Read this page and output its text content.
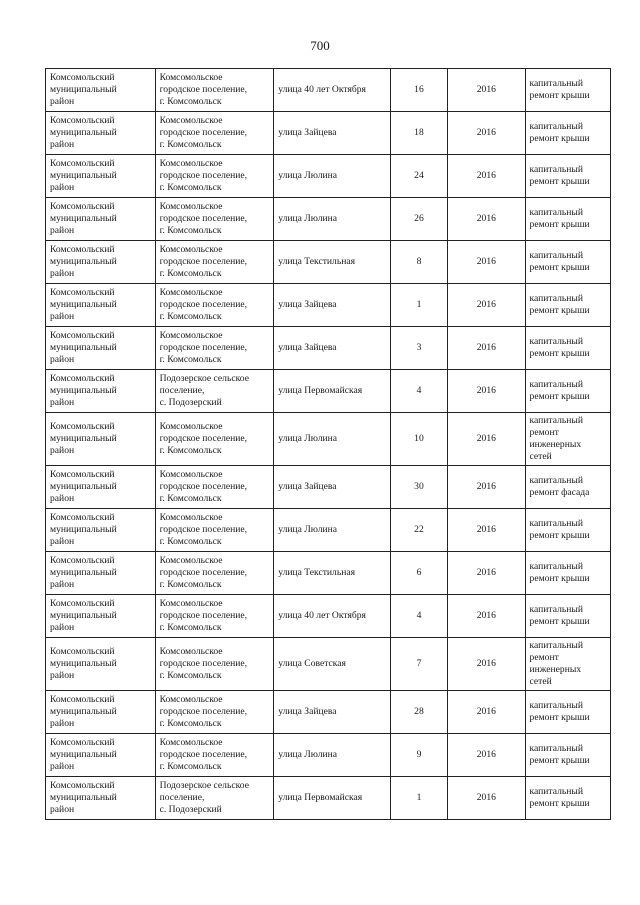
700
Комсомольский
муниципальный
район	Комсомольское
городское поселение,
г. Комсомольск	улица 40 лет Октября	16	2016	капитальный
ремонт крыши
Комсомольский
муниципальный
район	Комсомольское
городское поселение,
г. Комсомольск	улица Зайцева	18	2016	капитальный
ремонт крыши
Комсомольский
муниципальный
район	Комсомольское
городское поселение,
г. Комсомольск	улица Люлина	24	2016	капитальный
ремонт крыши
Комсомольский
муниципальный
район	Комсомольское
городское поселение,
г. Комсомольск	улица Люлина	26	2016	капитальный
ремонт крыши
Комсомольский
муниципальный
район	Комсомольское
городское поселение,
г. Комсомольск	улица Текстильная	8	2016	капитальный
ремонт крыши
Комсомольский
муниципальный
район	Комсомольское
городское поселение,
г. Комсомольск	улица Зайцева	1	2016	капитальный
ремонт крыши
Комсомольский
муниципальный
район	Комсомольское
городское поселение,
г. Комсомольск	улица Зайцева	3	2016	капитальный
ремонт крыши
Комсомольский
муниципальный
район	Подозерское сельское
поселение,
с. Подозерский	улица Первомайская	4	2016	капитальный
ремонт крыши
Комсомольский
муниципальный
район	Комсомольское
городское поселение,
г. Комсомольск	улица Люлина	10	2016	капитальный
ремонт
инженерных
сетей
Комсомольский
муниципальный
район	Комсомольское
городское поселение,
г. Комсомольск	улица Зайцева	30	2016	капитальный
ремонт фасада
Комсомольский
муниципальный
район	Комсомольское
городское поселение,
г. Комсомольск	улица Люлина	22	2016	капитальный
ремонт крыши
Комсомольский
муниципальный
район	Комсомольское
городское поселение,
г. Комсомольск	улица Текстильная	6	2016	капитальный
ремонт крыши
Комсомольский
муниципальный
район	Комсомольское
городское поселение,
г. Комсомольск	улица 40 лет Октября	4	2016	капитальный
ремонт крыши
Комсомольский
муниципальный
район	Комсомольское
городское поселение,
г. Комсомольск	улица Советская	7	2016	капитальный
ремонт
инженерных
сетей
Комсомольский
муниципальный
район	Комсомольское
городское поселение,
г. Комсомольск	улица Зайцева	28	2016	капитальный
ремонт крыши
Комсомольский
муниципальный
район	Комсомольское
городское поселение,
г. Комсомольск	улица Люлина	9	2016	капитальный
ремонт крыши
Комсомольский
муниципальный
район	Подозерское сельское
поселение,
с. Подозерский	улица Первомайская	1	2016	капитальный
ремонт крыши
